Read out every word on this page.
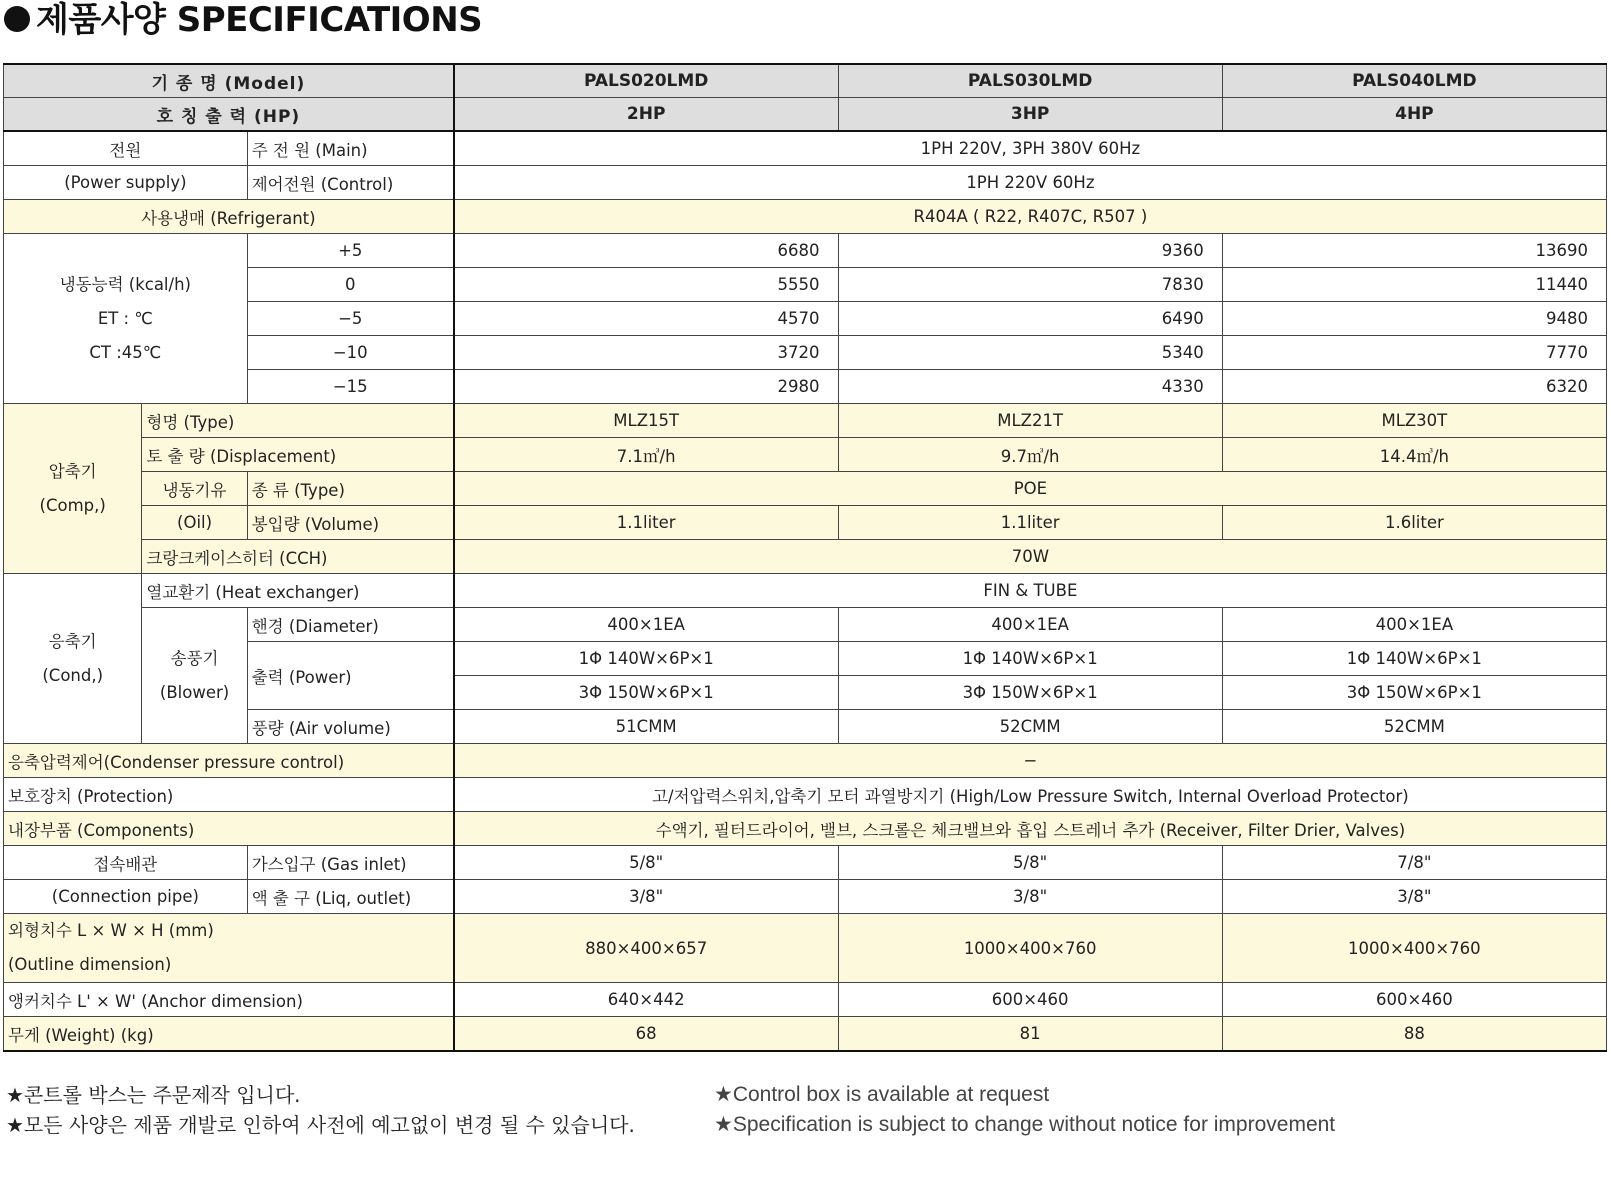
제품사양 SPECIFICATIONS
기 종 명 (Model)			PALS020LMD	PALS030LMD	PALS040LMD
호 칭 출 력 (HP)			2HP	3HP	4HP
전원		주 전 원 (Main)	1PH 220V, 3PH 380V 60Hz		
(Power supply)		제어전원 (Control)	1PH 220V 60Hz		
사용냉매 (Refrigerant)			R404A ( R22, R407C, R507 )		

냉동능력 (kcal/h)
ET : ℃
CT :45℃		+5	6680	9360	13690
		0	5550	7830	11440
		−5	4570	6490	9480
		−10	3720	5340	7770
		−15	2980	4330	6320

압축기
(Comp,)	형명 (Type)		MLZ15T	MLZ21T	MLZ30T
	토 출 량 (Displacement)		7.1㎥/h	9.7㎥/h	14.4㎥/h
	냉동기유	종 류 (Type)	POE		
	(Oil)	봉입량 (Volume)	1.1liter	1.1liter	1.6liter
	크랑크케이스히터 (CCH)		70W		

응축기
(Cond,)	열교환기 (Heat exchanger)		FIN & TUBE		

	송풍기
(Blower)	핸경 (Diameter)	400×1EA	400×1EA	400×1EA
		출력 (Power)	1Φ 140W×6P×1	1Φ 140W×6P×1	1Φ 140W×6P×1
			3Φ 150W×6P×1	3Φ 150W×6P×1	3Φ 150W×6P×1
		풍량 (Air volume)	51CMM	52CMM	52CMM
응축압력제어(Condenser pressure control)			−		
보호장치 (Protection)			고/저압력스위치,압축기 모터 과열방지기 (High/Low Pressure Switch, Internal Overload Protector)		
내장부품 (Components)			수액기, 필터드라이어, 밸브, 스크롤은 체크밸브와 흡입 스트레너 추가 (Receiver, Filter Drier, Valves)		
접속배관		가스입구 (Gas inlet)	5/8"	5/8"	7/8"
(Connection pipe)		액 출 구 (Liq, outlet)	3/8"	3/8"	3/8"

외형치수 L × W × H (mm)
(Outline dimension)			880×400×657	1000×400×760	1000×400×760
앵커치수 L' × W' (Anchor dimension)			640×442	600×460	600×460
무게 (Weight) (kg)			68	81	88
★콘트롤 박스는 주문제작 입니다.
★모든 사양은 제품 개발로 인하여 사전에 예고없이 변경 될 수 있습니다.
★Control box is available at request
★Specification is subject to change without notice for improvement
